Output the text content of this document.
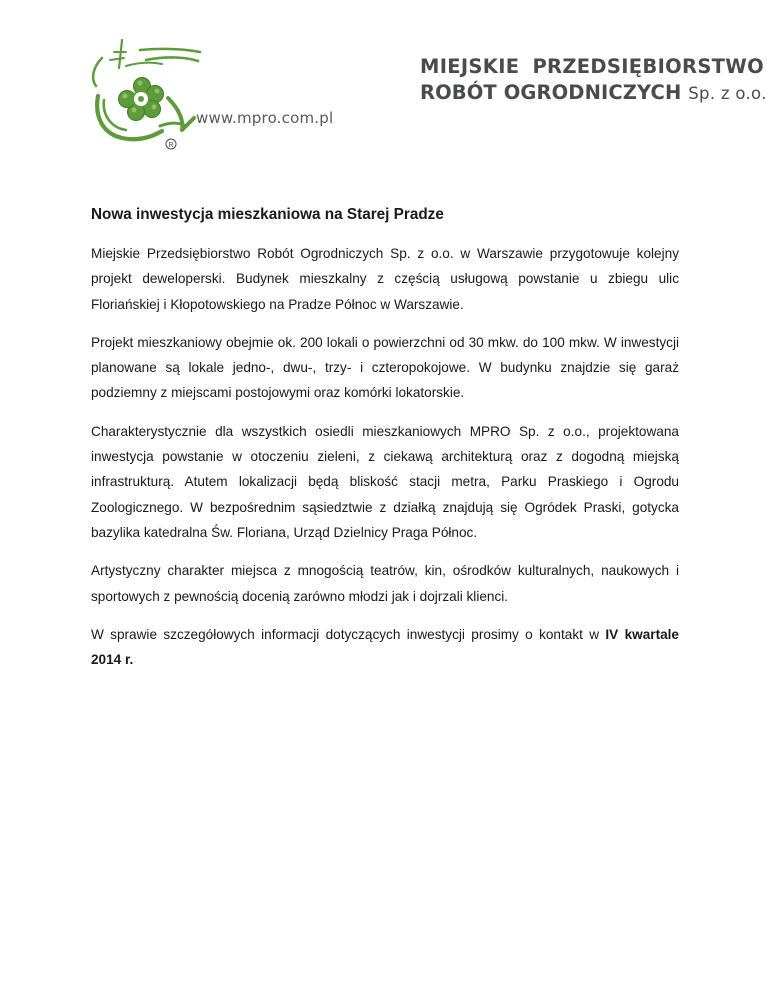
R
MIEJSKIE PRZEDSIĘBIORSTWO
ROBÓT OGRODNICZYCH Sp. z o.o.
www.mpro.com.pl
Nowa inwestycja mieszkaniowa na Starej Pradze

Miejskie Przedsiębiorstwo Robót Ogrodniczych Sp. z o.o. w Warszawie przygotowuje kolejny projekt deweloperski. Budynek mieszkalny z częścią usługową powstanie u zbiegu ulic Floriańskiej i Kłopotowskiego na Pradze Północ w Warszawie.

Projekt mieszkaniowy obejmie ok. 200 lokali o powierzchni od 30 mkw. do 100 mkw. W inwestycji planowane są lokale jedno-, dwu-, trzy- i czteropokojowe. W budynku znajdzie się garaż podziemny z miejscami postojowymi oraz komórki lokatorskie.

Charakterystycznie dla wszystkich osiedli mieszkaniowych MPRO Sp. z o.o., projektowana inwestycja powstanie w otoczeniu zieleni, z ciekawą architekturą oraz z dogodną miejską infrastrukturą. Atutem lokalizacji będą bliskość stacji metra, Parku Praskiego i Ogrodu Zoologicznego. W bezpośrednim sąsiedztwie z działką znajdują się Ogródek Praski, gotycka bazylika katedralna Św. Floriana, Urząd Dzielnicy Praga Północ.

Artystyczny charakter miejsca z mnogością teatrów, kin, ośrodków kulturalnych, naukowych i sportowych z pewnością docenią zarówno młodzi jak i dojrzali klienci.

W sprawie szczegółowych informacji dotyczących inwestycji prosimy o kontakt w IV kwartale 2014 r.
